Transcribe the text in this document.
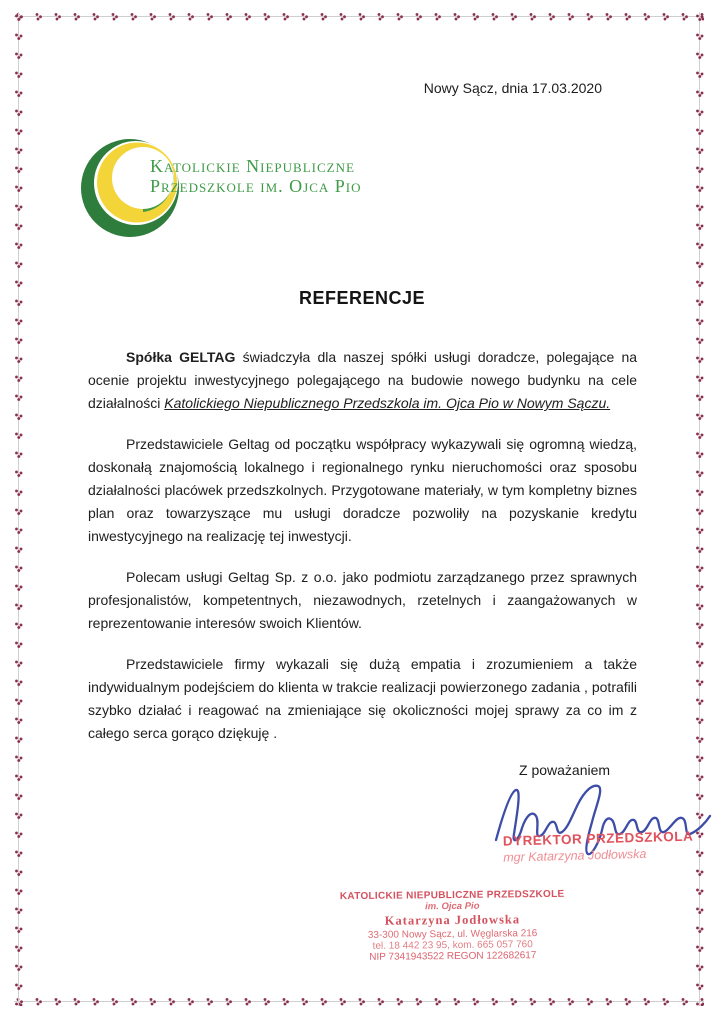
Nowy Sącz, dnia 17.03.2020
Katolickie Niepubliczne
Przedszkole im. Ojca Pio
REFERENCJE

Spółka GELTAG świadczyła dla naszej spółki usługi doradcze, polegające na ocenie projektu inwestycyjnego polegającego na budowie nowego budynku na cele działalności Katolickiego Niepublicznego Przedszkola im. Ojca Pio w Nowym Sączu.

Przedstawiciele Geltag od początku współpracy wykazywali się ogromną wiedzą, doskonałą znajomością lokalnego i regionalnego rynku nieruchomości oraz sposobu działalności placówek przedszkolnych. Przygotowane materiały, w tym kompletny biznes plan oraz towarzyszące mu usługi doradcze pozwoliły na pozyskanie kredytu inwestycyjnego na realizację tej inwestycji.

Polecam usługi Geltag Sp. z o.o. jako podmiotu zarządzanego przez sprawnych profesjonalistów, kompetentnych, niezawodnych, rzetelnych i zaangażowanych w reprezentowanie interesów swoich Klientów.

Przedstawiciele firmy wykazali się dużą empatia i zrozumieniem a także indywidualnym podejściem do klienta w trakcie realizacji powierzonego zadania , potrafili szybko działać i reagować na zmieniające się okoliczności mojej sprawy za co im z całego serca gorąco dziękuję .

Z poważaniem
DYREKTOR PRZEDSZKOLA
mgr Katarzyna Jodłowska
KATOLICKIE NIEPUBLICZNE PRZEDSZKOLE
im. Ojca Pio
Katarzyna Jodłowska
33-300 Nowy Sącz, ul. Węglarska 216
tel. 18 442 23 95, kom. 665 057 760
NIP 7341943522 REGON 122682617
